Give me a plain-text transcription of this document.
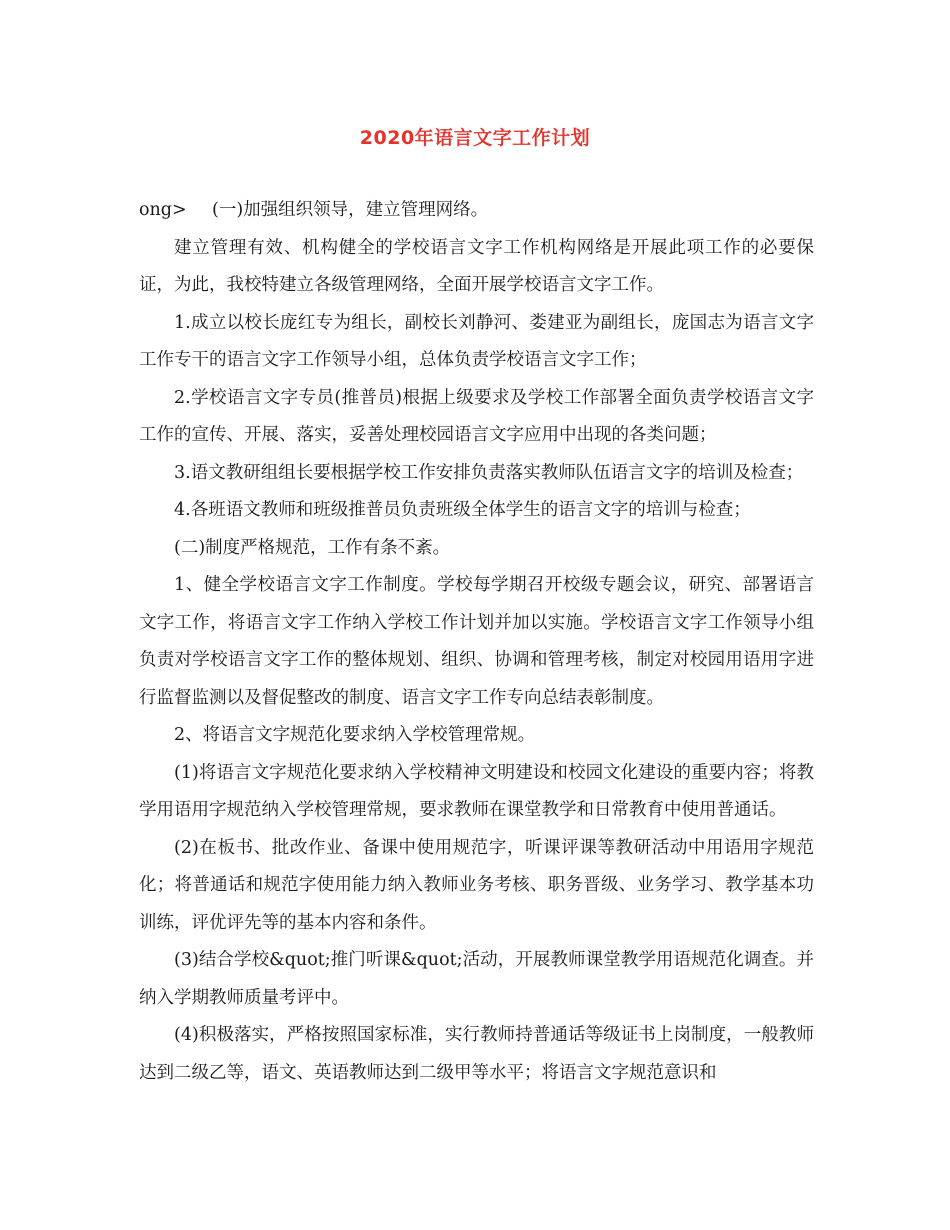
2020年语言文字工作计划

ong> (一)加强组织领导，建立管理网络。

建立管理有效、机构健全的学校语言文字工作机构网络是开展此项工作的必要保证，为此，我校特建立各级管理网络，全面开展学校语言文字工作。

1.成立以校长庞红专为组长，副校长刘静河、娄建亚为副组长，庞国志为语言文字工作专干的语言文字工作领导小组，总体负责学校语言文字工作；

2.学校语言文字专员(推普员)根据上级要求及学校工作部署全面负责学校语言文字工作的宣传、开展、落实，妥善处理校园语言文字应用中出现的各类问题；

3.语文教研组组长要根据学校工作安排负责落实教师队伍语言文字的培训及检查；

4.各班语文教师和班级推普员负责班级全体学生的语言文字的培训与检查；

(二)制度严格规范，工作有条不紊。

1、健全学校语言文字工作制度。学校每学期召开校级专题会议，研究、部署语言文字工作，将语言文字工作纳入学校工作计划并加以实施。学校语言文字工作领导小组负责对学校语言文字工作的整体规划、组织、协调和管理考核，制定对校园用语用字进行监督监测以及督促整改的制度、语言文字工作专向总结表彰制度。

2、将语言文字规范化要求纳入学校管理常规。

(1)将语言文字规范化要求纳入学校精神文明建设和校园文化建设的重要内容；将教学用语用字规范纳入学校管理常规，要求教师在课堂教学和日常教育中使用普通话。

(2)在板书、批改作业、备课中使用规范字，听课评课等教研活动中用语用字规范化；将普通话和规范字使用能力纳入教师业务考核、职务晋级、业务学习、教学基本功训练，评优评先等的基本内容和条件。

(3)结合学校&quot;推门听课&quot;活动，开展教师课堂教学用语规范化调查。并纳入学期教师质量考评中。

(4)积极落实，严格按照国家标准，实行教师持普通话等级证书上岗制度，一般教师达到二级乙等，语文、英语教师达到二级甲等水平；将语言文字规范意识和
